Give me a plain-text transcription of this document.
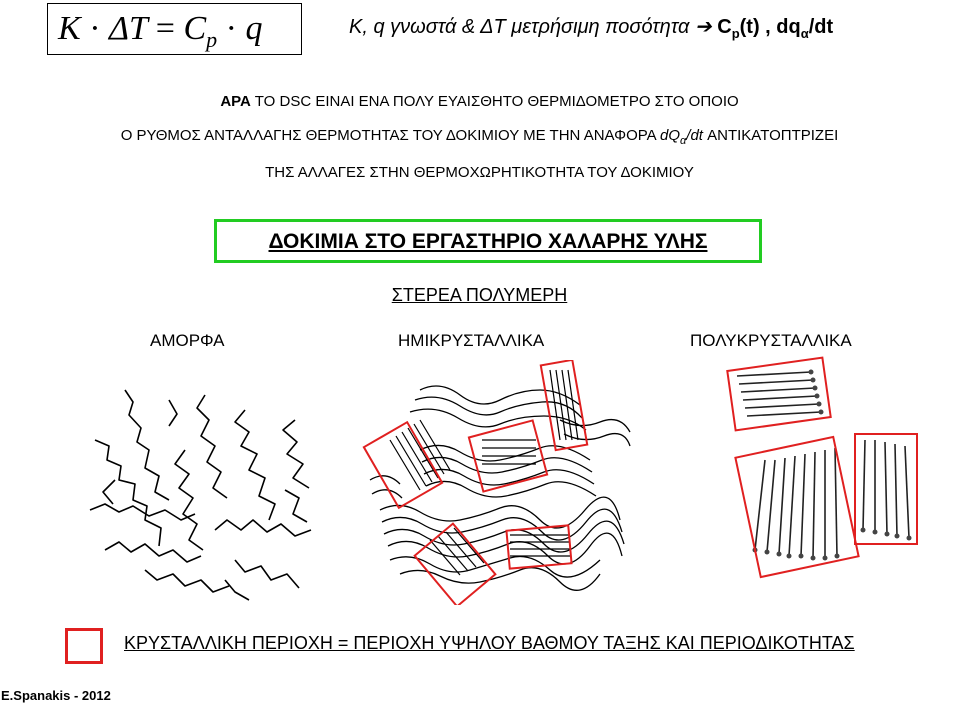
$K \cdot \Delta T = C_p \cdot q$	K, q γνωστά & ΔT μετρήσιμη ποσότητα ➔ $C_p(t)$ , $dq_\alpha/dt$
ΑΡΑ ΤΟ DSC ΕΙΝΑΙ ΕΝΑ ΠΟΛΥ ΕΥΑΙΣΘΗΤΟ ΘΕΡΜΙΔΟΜΕΤΡΟ ΣΤΟ ΟΠΟΙΟ
Ο ΡΥΘΜΟΣ ΑΝΤΑΛΛΑΓΗΣ ΘΕΡΜΟΤΗΤΑΣ ΤΟΥ ΔΟΚΙΜΙΟΥ ΜΕ ΤΗΝ ΑΝΑΦΟΡΑ $dQ_\alpha/dt$ ΑΝΤΙΚΑΤΟΠΤΡΙΖΕΙ
ΤΗΣ ΑΛΛΑΓΕΣ ΣΤΗΝ ΘΕΡΜΟΧΩΡΗΤΙΚΟΤΗΤΑ ΤΟΥ ΔΟΚΙΜΙΟΥ
ΔΟΚΙΜΙΑ ΣΤΟ ΕΡΓΑΣΤΗΡΙΟ ΧΑΛΑΡΗΣ ΥΛΗΣ
ΣΤΕΡΕΑ ΠΟΛΥΜΕΡΗ
ΑΜΟΡΦΑ	ΗΜΙΚΡΥΣΤΑΛΛΙΚΑ	ΠΟΛΥΚΡΥΣΤΑΛΛΙΚΑ
ΚΡΥΣΤΑΛΛΙΚΗ ΠΕΡΙΟΧΗ = ΠΕΡΙΟΧΗ ΥΨΗΛΟΥ ΒΑΘΜΟΥ ΤΑΞΗΣ ΚΑΙ ΠΕΡΙΟΔΙΚΟΤΗΤΑΣ
E.Spanakis - 2012
